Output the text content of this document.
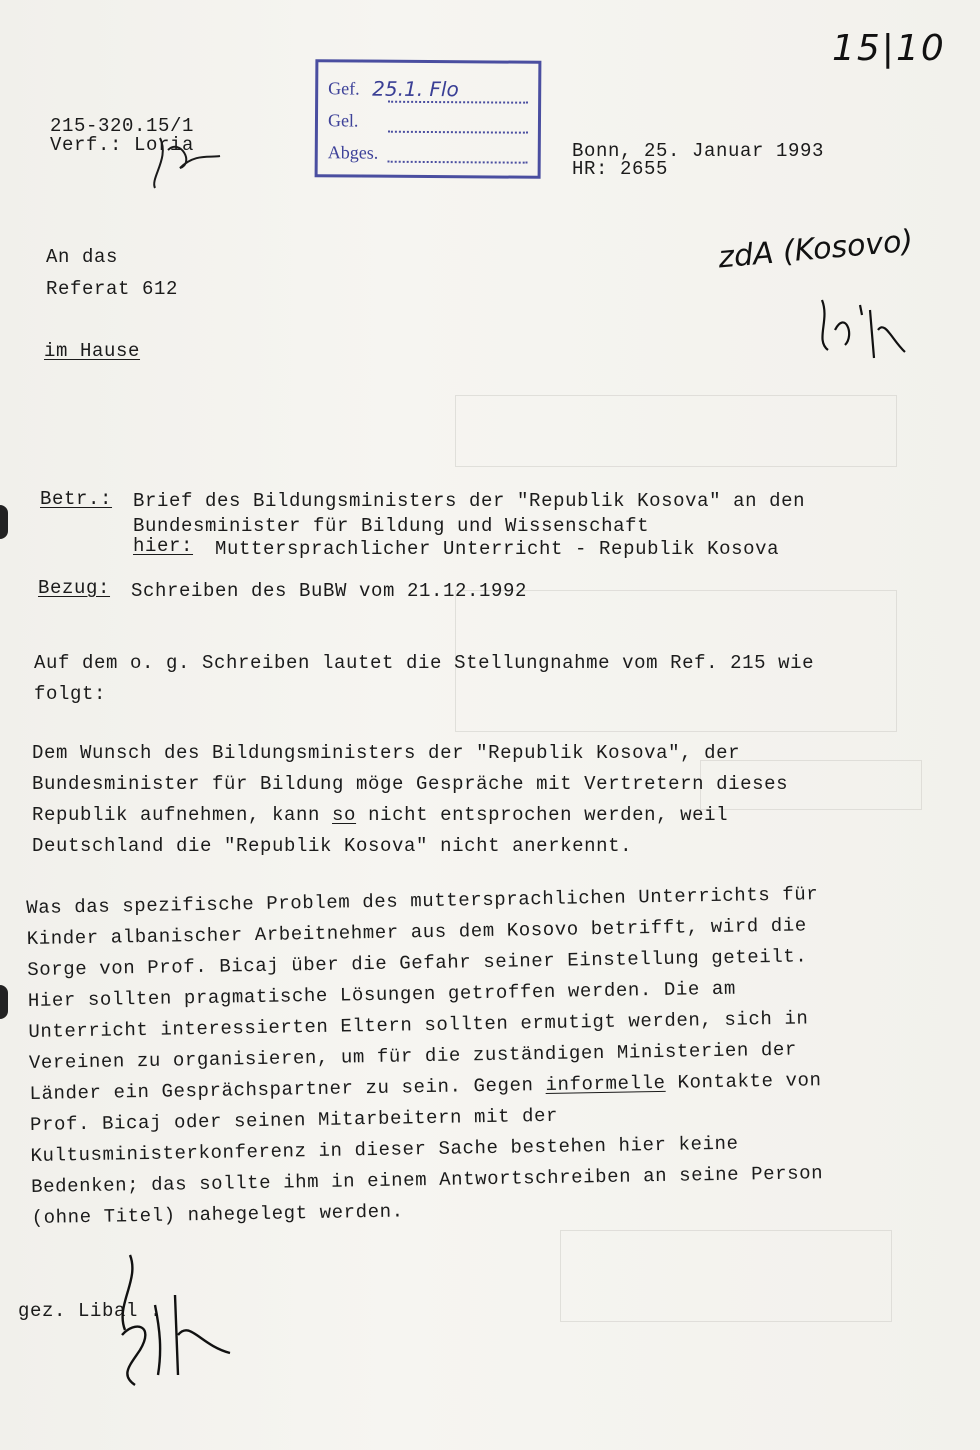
15|10
215-320.15/1
Verf.: Loria
Gef. 25.1. Flo
Gel.
Abges.	Bonn, 25. Januar 1993
HR: 2655
An das
Referat 612
im Hause
zdA (Kosovo)
Betr.: Brief des Bildungsministers der "Republik Kosova" an den
Bundesminister für Bildung und Wissenschaft
hier: Muttersprachlicher Unterricht - Republik Kosova
Bezug: Schreiben des BuBW vom 21.12.1992
Auf dem o. g. Schreiben lautet die Stellungnahme vom Ref. 215 wie
folgt:
Dem Wunsch des Bildungsministers der "Republik Kosova", der
Bundesminister für Bildung möge Gespräche mit Vertretern dieses
Republik aufnehmen, kann so nicht entsprochen werden, weil
Deutschland die "Republik Kosova" nicht anerkennt.
Was das spezifische Problem des muttersprachlichen Unterrichts für
Kinder albanischer Arbeitnehmer aus dem Kosovo betrifft, wird die
Sorge von Prof. Bicaj über die Gefahr seiner Einstellung geteilt.
Hier sollten pragmatische Lösungen getroffen werden. Die am
Unterricht interessierten Eltern sollten ermutigt werden, sich in
Vereinen zu organisieren, um für die zuständigen Ministerien der
Länder ein Gesprächspartner zu sein. Gegen informelle Kontakte von
Prof. Bicaj oder seinen Mitarbeitern mit der
Kultusministerkonferenz in dieser Sache bestehen hier keine
Bedenken; das sollte ihm in einem Antwortschreiben an seine Person
(ohne Titel) nahegelegt werden.
gez. Libal .
